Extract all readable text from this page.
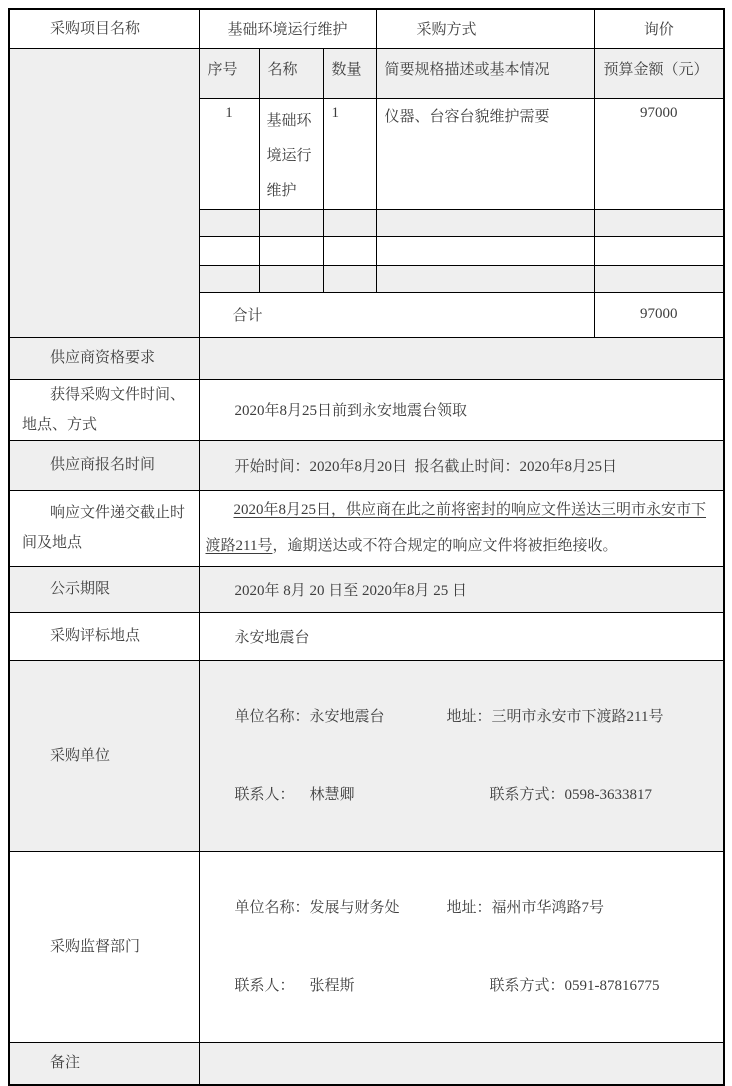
采购项目名称	基础环境运行维护			采购方式	询价
	序号	名称	数量	简要规格描述或基本情况	预算金额（元）
	1	基础环境运行维护	1	仪器、台容台貌维护需要	97000

	合计				97000
供应商资格要求					
获得采购文件时间、地点、方式	2020年8月25日前到永安地震台领取				
供应商报名时间	开始时间：2020年8月20日  报名截止时间：2020年8月25日				
响应文件递交截止时间及地点	2020年8月25日，供应商在此之前将密封的响应文件送达三明市永安市下渡路211号，逾期送达或不符合规定的响应文件将被拒绝接收。				
公示期限	2020年 8月 20 日至 2020年8月 25 日				
采购评标地点	永安地震台				
采购单位	单位名称：永安地震台 地址：三明市永安市下渡路211号

联系人：    林慧卿 联系方式：0598-3633817				

采购监督部门	单位名称：发展与财务处 地址：福州市华鸿路7号

联系人：    张程斯 联系方式：0591-87816775				

备注					
